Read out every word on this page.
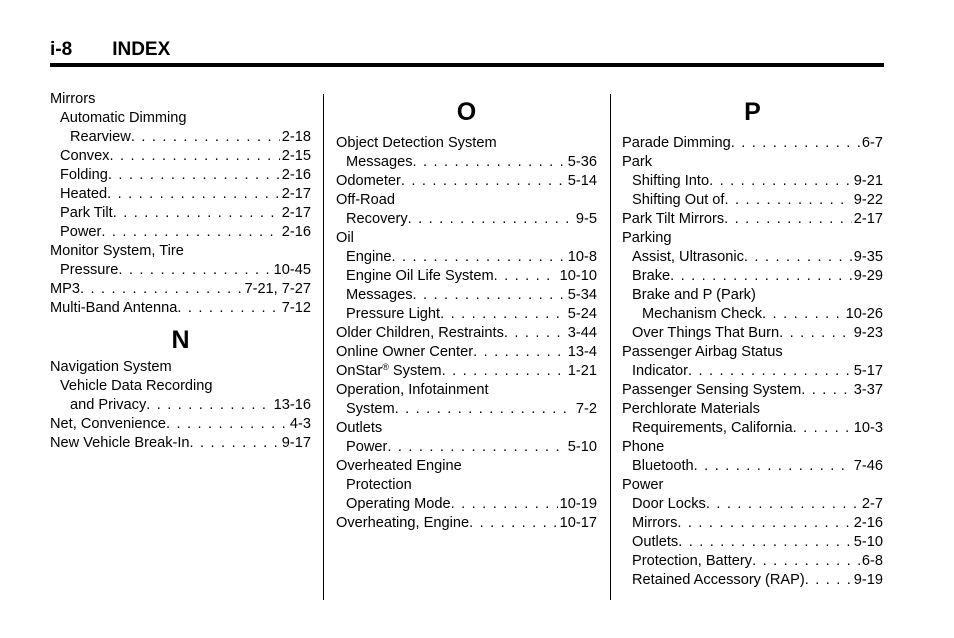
i-8 INDEX
Mirrors
Automatic Dimming
Rearview . . .	2-18
Convex . . .	2-15
Folding . . .	2-16
Heated . . .	2-17
Park Tilt . . .	2-17
Power . . .	2-16
Monitor System, Tire
Pressure . . .	10-45
MP3 . . .	7-21, 7-27
Multi-Band Antenna . . .	7-12
N
Navigation System
Vehicle Data Recording
and Privacy . . .	13-16
Net, Convenience . . .	4-3
New Vehicle Break-In . . .	9-17
O
Object Detection System
Messages . . .	5-36
Odometer . . .	5-14
Off-Road
Recovery . . .	9-5
Oil
Engine . . .	10-8
Engine Oil Life System . . .	10-10
Messages . . .	5-34
Pressure Light . . .	5-24
Older Children, Restraints . . .	3-44
Online Owner Center . . .	13-4
OnStar® System . . .	1-21
Operation, Infotainment
System . . .	7-2
Outlets
Power . . .	5-10
Overheated Engine
Protection
Operating Mode . . .	10-19
Overheating, Engine . . .	10-17
P
Parade Dimming . . .	6-7
Park
Shifting Into . . .	9-21
Shifting Out of . . .	9-22
Park Tilt Mirrors . . .	2-17
Parking
Assist, Ultrasonic . . .	9-35
Brake . . .	9-29
Brake and P (Park)
Mechanism Check . . .	10-26
Over Things That Burn . . .	9-23
Passenger Airbag Status
Indicator . . .	5-17
Passenger Sensing System . . .	3-37
Perchlorate Materials
Requirements, California . . .	10-3
Phone
Bluetooth . . .	7-46
Power
Door Locks . . .	2-7
Mirrors . . .	2-16
Outlets . . .	5-10
Protection, Battery . . .	6-8
Retained Accessory (RAP) . . .	9-19
